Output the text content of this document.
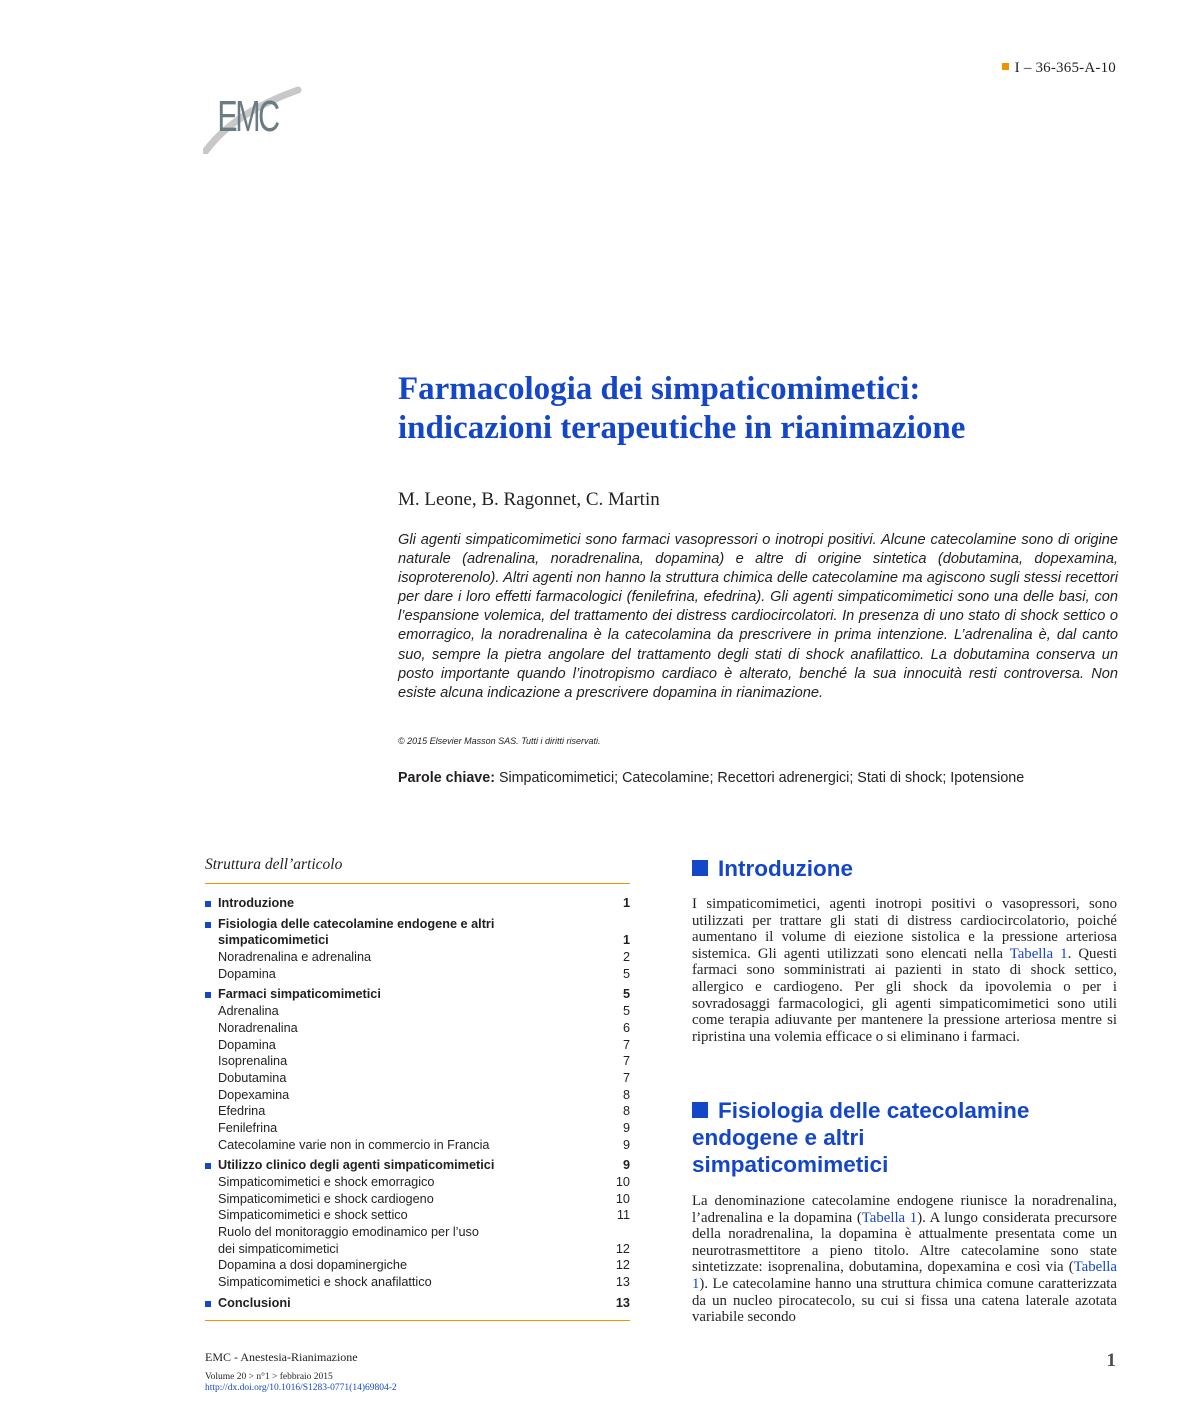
EMC
I – 36-365-A-10
Farmacologia dei simpaticomimetici:
indicazioni terapeutiche in rianimazione
M. Leone, B. Ragonnet, C. Martin
Gli agenti simpaticomimetici sono farmaci vasopressori o inotropi positivi. Alcune catecolamine sono di origine naturale (adrenalina, noradrenalina, dopamina) e altre di origine sintetica (dobutamina, dopexamina, isoproterenolo). Altri agenti non hanno la struttura chimica delle catecolamine ma agiscono sugli stessi recettori per dare i loro effetti farmacologici (fenilefrina, efedrina). Gli agenti simpaticomimetici sono una delle basi, con l’espansione volemica, del trattamento dei distress cardiocircolatori. In presenza di uno stato di shock settico o emorragico, la noradrenalina è la catecolamina da prescrivere in prima intenzione. L’adrenalina è, dal canto suo, sempre la pietra angolare del trattamento degli stati di shock anafilattico. La dobutamina conserva un posto importante quando l’inotropismo cardiaco è alterato, benché la sua innocuità resti controversa. Non esiste alcuna indicazione a prescrivere dopamina in rianimazione.
© 2015 Elsevier Masson SAS. Tutti i diritti riservati.
Parole chiave: Simpaticomimetici; Catecolamine; Recettori adrenergici; Stati di shock; Ipotensione
Struttura dell’articolo
Introduzione	1
Fisiologia delle catecolamine endogene e altri
simpaticomimetici	1
Noradrenalina e adrenalina	2
Dopamina	5
Farmaci simpaticomimetici	5
Adrenalina	5
Noradrenalina	6
Dopamina	7
Isoprenalina	7
Dobutamina	7
Dopexamina	8
Efedrina	8
Fenilefrina	9
Catecolamine varie non in commercio in Francia	9
Utilizzo clinico degli agenti simpaticomimetici	9
Simpaticomimetici e shock emorragico	10
Simpaticomimetici e shock cardiogeno	10
Simpaticomimetici e shock settico	11
Ruolo del monitoraggio emodinamico per l’uso
dei simpaticomimetici	12
Dopamina a dosi dopaminergiche	12
Simpaticomimetici e shock anafilattico	13
Conclusioni	13
Introduzione
I simpaticomimetici, agenti inotropi positivi o vasopressori, sono utilizzati per trattare gli stati di distress cardiocircolatorio, poiché aumentano il volume di eiezione sistolica e la pressione arteriosa sistemica. Gli agenti utilizzati sono elencati nella Tabella 1. Questi farmaci sono somministrati ai pazienti in stato di shock settico, allergico e cardiogeno. Per gli shock da ipovolemia o per i sovradosaggi farmacologici, gli agenti simpaticomimetici sono utili come terapia adiuvante per mantenere la pressione arteriosa mentre si ripristina una volemia efficace o si eliminano i farmaci.
Fisiologia delle catecolamine
endogene e altri
simpaticomimetici
La denominazione catecolamine endogene riunisce la noradrenalina, l’adrenalina e la dopamina (Tabella 1). A lungo considerata precursore della noradrenalina, la dopamina è attualmente presentata come un neurotrasmettitore a pieno titolo. Altre catecolamine sono state sintetizzate: isoprenalina, dobutamina, dopexamina e così via (Tabella 1). Le catecolamine hanno una struttura chimica comune caratterizzata da un nucleo pirocatecolo, su cui si fissa una catena laterale azotata variabile secondo
EMC - Anestesia-Rianimazione
Volume 20 > n°1 > febbraio 2015
http://dx.doi.org/10.1016/S1283-0771(14)69804-2
1
